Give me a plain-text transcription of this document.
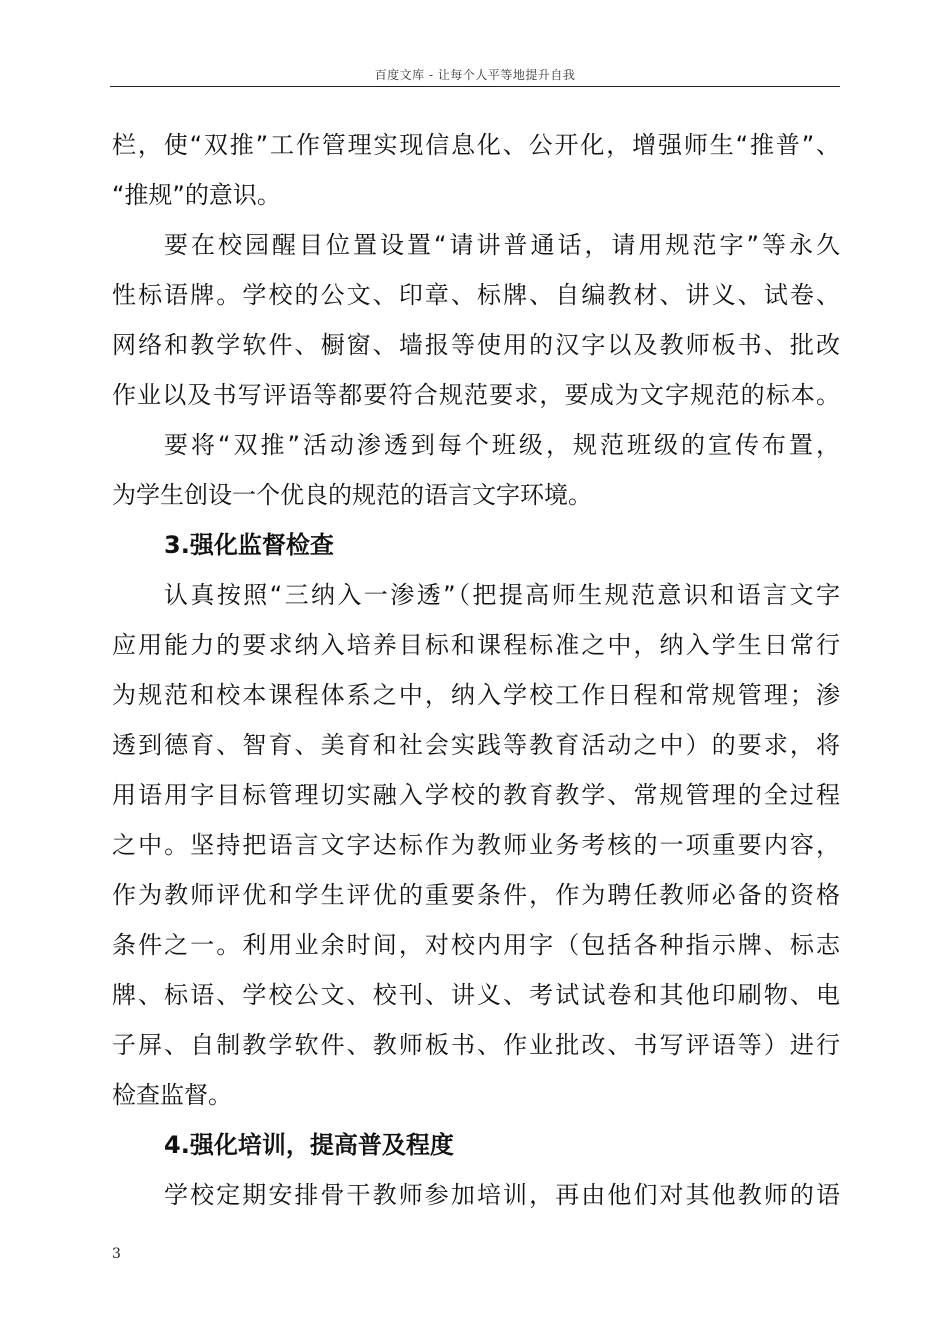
百度文库 - 让每个人平等地提升自我
栏，使“双推”工作管理实现信息化、公开化，增强师生“推普”、
“推规”的意识。
要在校园醒目位置设置“请讲普通话，请用规范字”等永久
性标语牌。学校的公文、印章、标牌、自编教材、讲义、试卷、
网络和教学软件、橱窗、墙报等使用的汉字以及教师板书、批改
作业以及书写评语等都要符合规范要求，要成为文字规范的标本。
要将“双推”活动渗透到每个班级，规范班级的宣传布置，
为学生创设一个优良的规范的语言文字环境。
3.强化监督检查
认真按照“三纳入一渗透”（把提高师生规范意识和语言文字
应用能力的要求纳入培养目标和课程标准之中，纳入学生日常行
为规范和校本课程体系之中，纳入学校工作日程和常规管理；渗
透到德育、智育、美育和社会实践等教育活动之中）的要求，将
用语用字目标管理切实融入学校的教育教学、常规管理的全过程
之中。坚持把语言文字达标作为教师业务考核的一项重要内容，
作为教师评优和学生评优的重要条件，作为聘任教师必备的资格
条件之一。利用业余时间，对校内用字（包括各种指示牌、标志
牌、标语、学校公文、校刊、讲义、考试试卷和其他印刷物、电
子屏、自制教学软件、教师板书、作业批改、书写评语等）进行
检查监督。
4.强化培训，提高普及程度
学校定期安排骨干教师参加培训，再由他们对其他教师的语
3
